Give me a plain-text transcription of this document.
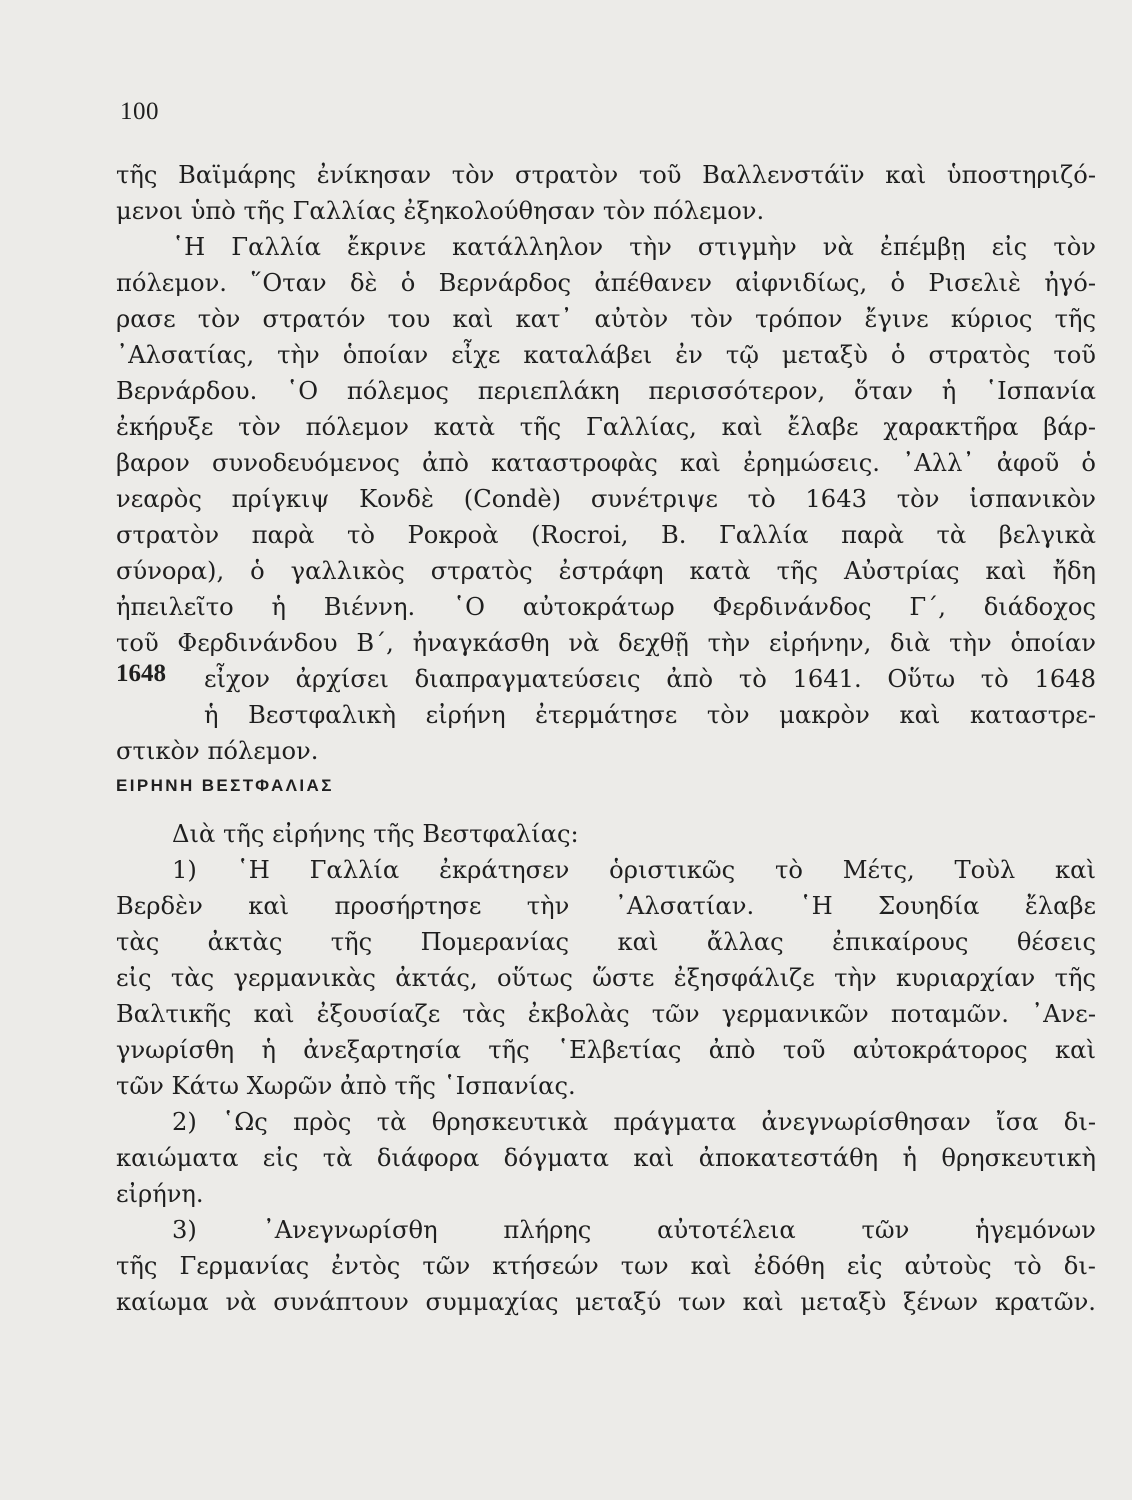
100
τῆς Βαϊμάρης ἐνίκησαν τὸν στρατὸν τοῦ Βαλλενστάϊν καὶ ὑποστηριζό-
μενοι ὑπὸ τῆς Γαλλίας ἐξηκολούθησαν τὸν πόλεμον.
῾Η Γαλλία ἔκρινε κατάλληλον τὴν στιγμὴν νὰ ἐπέμβῃ εἰς τὸν
πόλεμον. ῞Οταν δὲ ὁ Βερνάρδος ἀπέθανεν αἰφνιδίως, ὁ Ρισελιὲ ἠγό-
ρασε τὸν στρατόν του καὶ κατ᾿ αὐτὸν τὸν τρόπον ἔγινε κύριος τῆς
᾿Αλσατίας, τὴν ὁποίαν εἶχε καταλάβει ἐν τῷ μεταξὺ ὁ στρατὸς τοῦ
Βερνάρδου. ῾Ο πόλεμος περιεπλάκη περισσότερον, ὅταν ἡ ῾Ισπανία
ἐκήρυξε τὸν πόλεμον κατὰ τῆς Γαλλίας, καὶ ἔλαβε χαρακτῆρα βάρ-
βαρον συνοδευόμενος ἀπὸ καταστροφὰς καὶ ἐρημώσεις. ᾿Αλλ᾿ ἀφοῦ ὁ
νεαρὸς πρίγκιψ Κονδὲ (Condè) συνέτριψε τὸ 1643 τὸν ἱσπανικὸν
στρατὸν παρὰ τὸ Ροκροὰ (Rocroi, Β. Γαλλία παρὰ τὰ βελγικὰ
σύνορα), ὁ γαλλικὸς στρατὸς ἐστράφη κατὰ τῆς Αὐστρίας καὶ ἤδη
ἠπειλεῖτο ἡ Βιέννη. ῾Ο αὐτοκράτωρ Φερδινάνδος Γ΄, διάδοχος
τοῦ Φερδινάνδου Β΄, ἠναγκάσθη νὰ δεχθῇ τὴν εἰρήνην, διὰ τὴν ὁποίαν
1648 εἶχον ἀρχίσει διαπραγματεύσεις ἀπὸ τὸ 1641. Οὕτω τὸ 1648
ἡ Βεστφαλικὴ εἰρήνη ἐτερμάτησε τὸν μακρὸν καὶ καταστρε-
στικὸν πόλεμον.
ΕΙΡΗΝΗ ΒΕΣΤΦΑΛΙΑΣ
Διὰ τῆς εἰρήνης τῆς Βεστφαλίας:
1) ῾Η Γαλλία ἐκράτησεν ὁριστικῶς τὸ Μέτς, Τοὺλ καὶ
Βερδὲν καὶ προσήρτησε τὴν ᾿Αλσατίαν. ῾Η Σουηδία ἔλαβε
τὰς ἀκτὰς τῆς Πομερανίας καὶ ἄλλας ἐπικαίρους θέσεις
εἰς τὰς γερμανικὰς ἀκτάς, οὕτως ὥστε ἐξησφάλιζε τὴν κυριαρχίαν τῆς
Βαλτικῆς καὶ ἐξουσίαζε τὰς ἐκβολὰς τῶν γερμανικῶν ποταμῶν. ᾿Ανε-
γνωρίσθη ἡ ἀνεξαρτησία τῆς ῾Ελβετίας ἀπὸ τοῦ αὐτοκράτορος καὶ
τῶν Κάτω Χωρῶν ἀπὸ τῆς ῾Ισπανίας.
2) ῾Ως πρὸς τὰ θρησκευτικὰ πράγματα ἀνεγνωρίσθησαν ἴσα δι-
καιώματα εἰς τὰ διάφορα δόγματα καὶ ἀποκατεστάθη ἡ θρησκευτικὴ
εἰρήνη.
3) ᾿Ανεγνωρίσθη πλήρης αὐτοτέλεια τῶν ἡγεμόνων
τῆς Γερμανίας ἐντὸς τῶν κτήσεών των καὶ ἐδόθη εἰς αὐτοὺς τὸ δι-
καίωμα νὰ συνάπτουν συμμαχίας μεταξύ των καὶ μεταξὺ ξένων κρατῶν.
